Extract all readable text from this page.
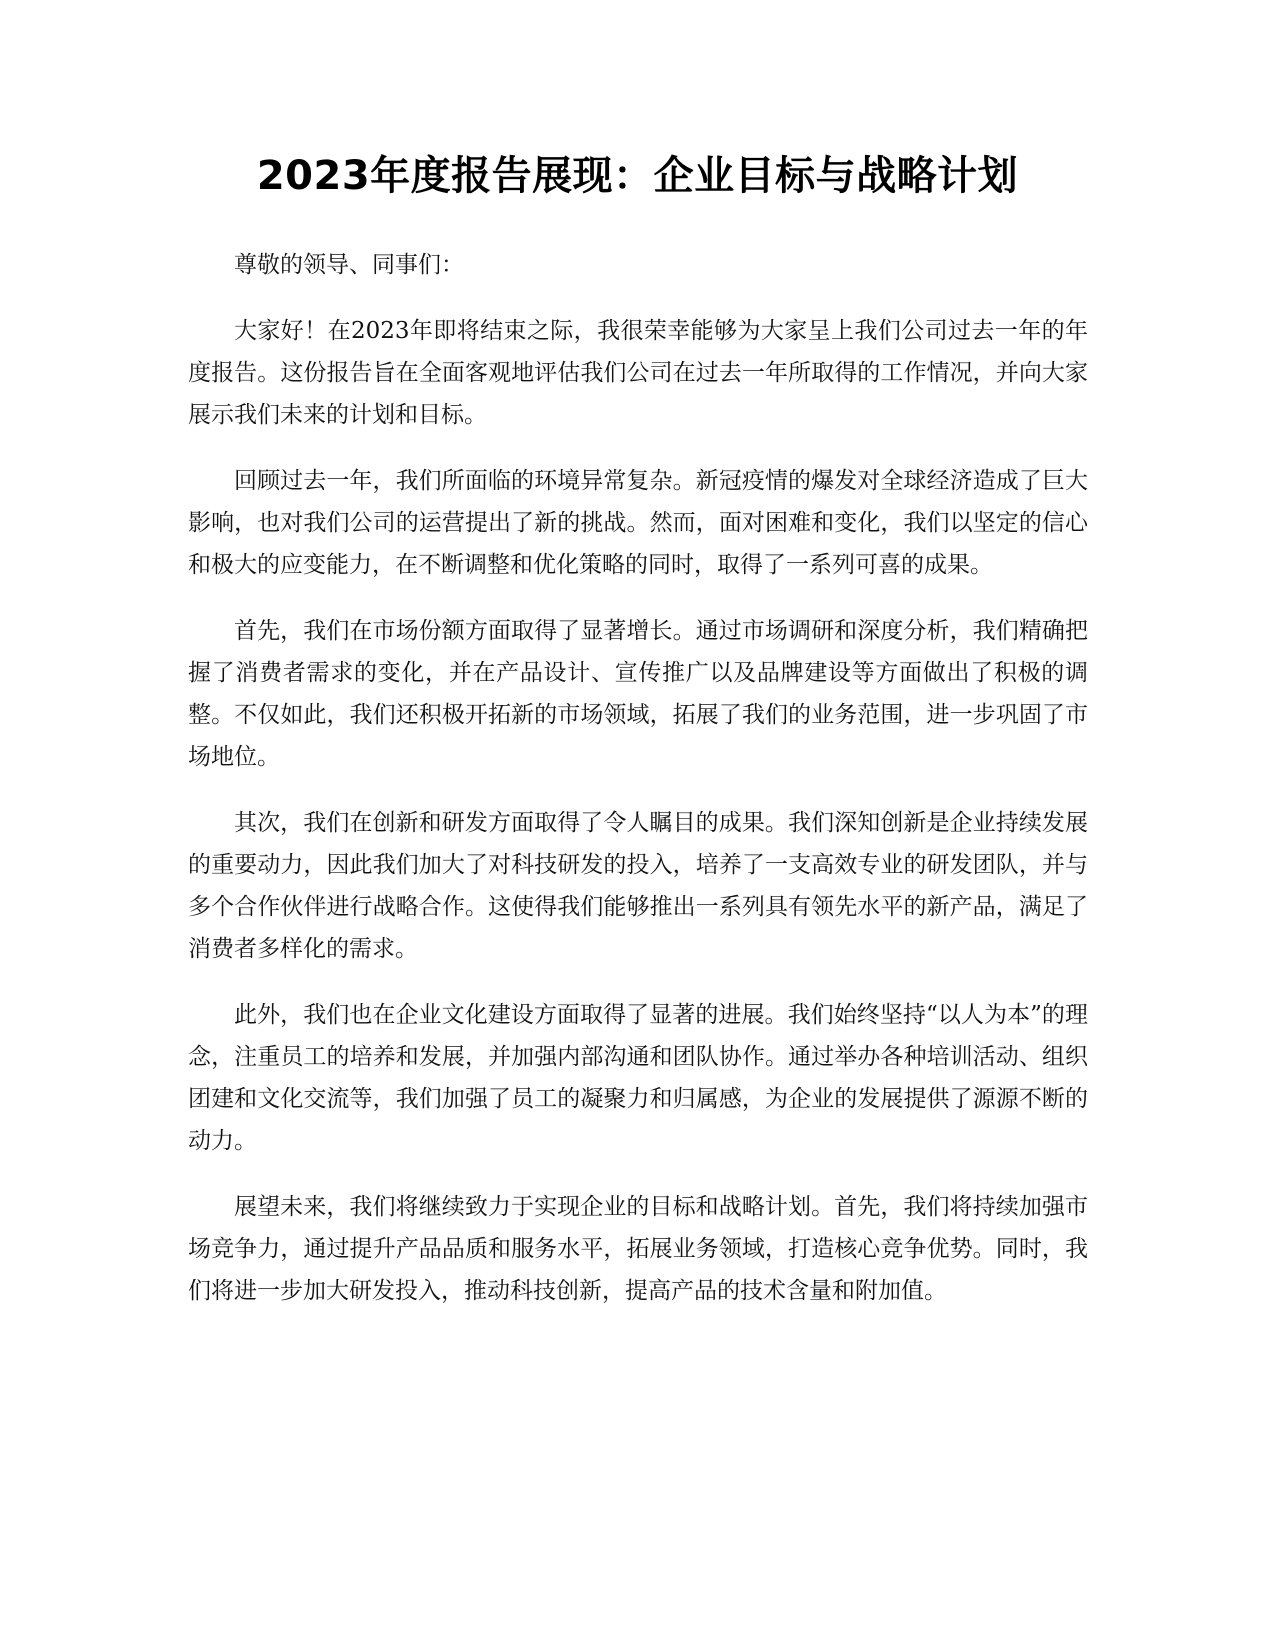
2023年度报告展现：企业目标与战略计划

尊敬的领导、同事们：

大家好！在2023年即将结束之际，我很荣幸能够为大家呈上我们公司过去一年的年度报告。这份报告旨在全面客观地评估我们公司在过去一年所取得的工作情况，并向大家展示我们未来的计划和目标。

回顾过去一年，我们所面临的环境异常复杂。新冠疫情的爆发对全球经济造成了巨大影响，也对我们公司的运营提出了新的挑战。然而，面对困难和变化，我们以坚定的信心和极大的应变能力，在不断调整和优化策略的同时，取得了一系列可喜的成果。

首先，我们在市场份额方面取得了显著增长。通过市场调研和深度分析，我们精确把握了消费者需求的变化，并在产品设计、宣传推广以及品牌建设等方面做出了积极的调整。不仅如此，我们还积极开拓新的市场领域，拓展了我们的业务范围，进一步巩固了市场地位。

其次，我们在创新和研发方面取得了令人瞩目的成果。我们深知创新是企业持续发展的重要动力，因此我们加大了对科技研发的投入，培养了一支高效专业的研发团队，并与多个合作伙伴进行战略合作。这使得我们能够推出一系列具有领先水平的新产品，满足了消费者多样化的需求。

此外，我们也在企业文化建设方面取得了显著的进展。我们始终坚持“以人为本”的理念，注重员工的培养和发展，并加强内部沟通和团队协作。通过举办各种培训活动、组织团建和文化交流等，我们加强了员工的凝聚力和归属感，为企业的发展提供了源源不断的动力。

展望未来，我们将继续致力于实现企业的目标和战略计划。首先，我们将持续加强市场竞争力，通过提升产品品质和服务水平，拓展业务领域，打造核心竞争优势。同时，我们将进一步加大研发投入，推动科技创新，提高产品的技术含量和附加值。
